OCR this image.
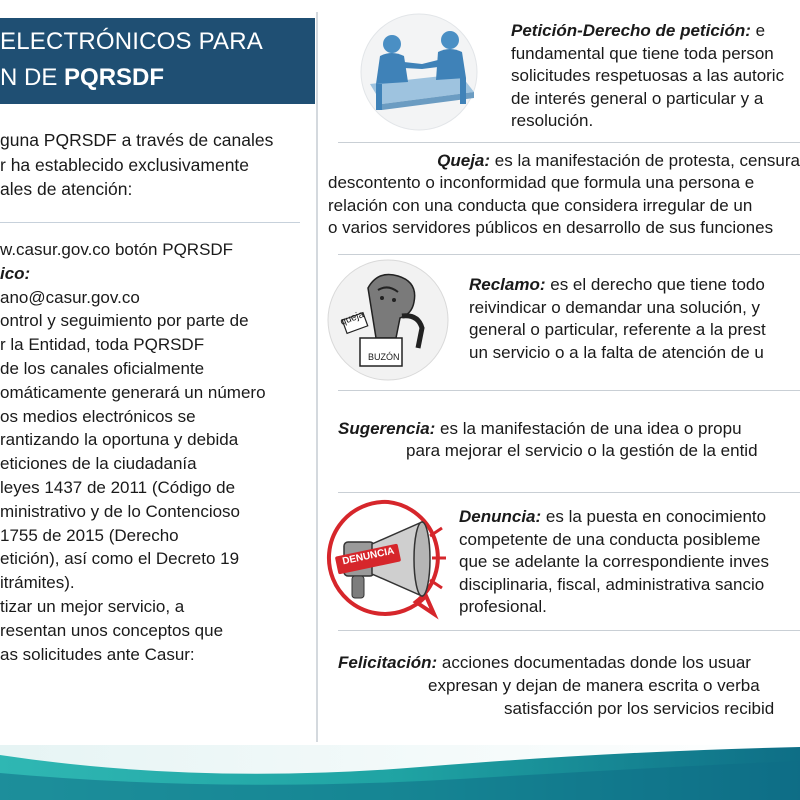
ELECTRÓNICOS PARA
N DE PQRSDF
guna PQRSDF a través de canales
r ha establecido exclusivamente
ales de atención:
w.casur.gov.co botón PQRSDF
ico:
ano@casur.gov.co
ontrol y seguimiento por parte de
r la Entidad, toda PQRSDF
de los canales oficialmente
omáticamente generará un número
os medios electrónicos se
rantizando la oportuna y debida
eticiones de la ciudadanía
leyes 1437 de 2011 (Código de
ministrativo y de lo Contencioso
1755 de 2015 (Derecho
etición), así como el Decreto 19
itrámites).
tizar un mejor servicio, a
resentan unos conceptos que
as solicitudes ante Casur:
Petición-Derecho de petición: e
fundamental que tiene toda person
solicitudes respetuosas a las autoric
de interés general o particular y a
resolución.
Queja: es la manifestación de protesta, censura
descontento o inconformidad que formula una persona e
relación con una conducta que considera irregular de un
o varios servidores públicos en desarrollo de sus funciones
queja
BUZÓN
Reclamo: es el derecho que tiene todo
reivindicar o demandar una solución, y
general o particular, referente a la prest
un servicio o a la falta de atención de u
Sugerencia: es la manifestación de una idea o propu
para mejorar el servicio o la gestión de la entid
DENUNCIA
Denuncia: es la puesta en conocimiento
competente de una conducta posibleme
que se adelante la correspondiente inves
disciplinaria, fiscal, administrativa sancio
profesional.
Felicitación: acciones documentadas donde los usuar
expresan y dejan de manera escrita o verba
satisfacción por los servicios recibid
